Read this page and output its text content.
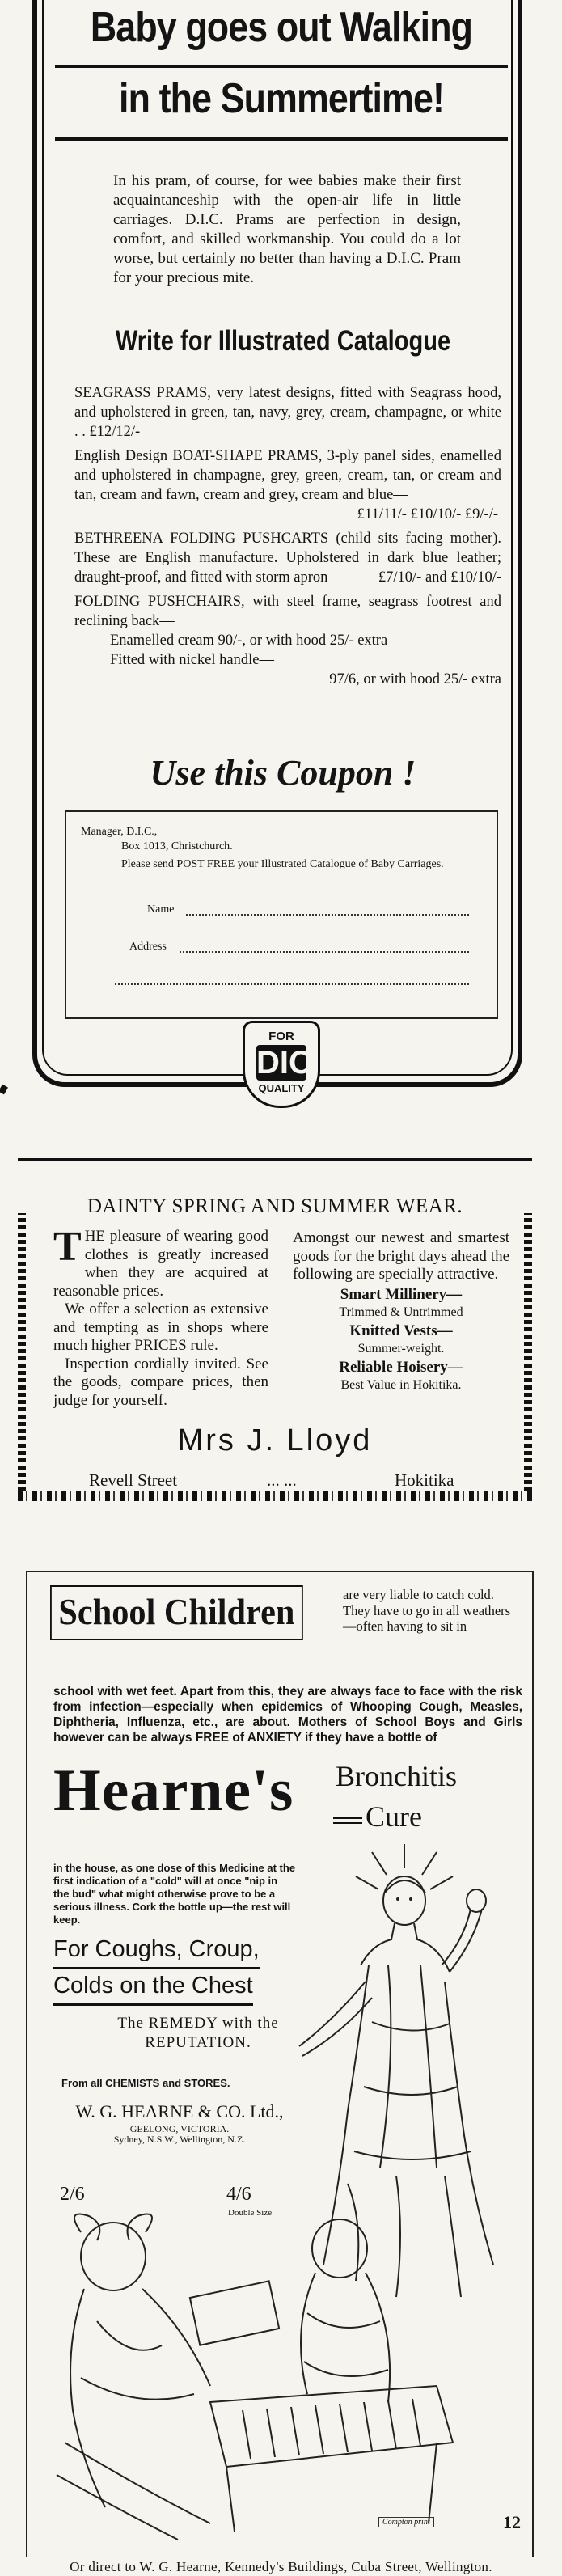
Baby goes out Walking
in the Summertime!
In his pram, of course, for wee babies make their first acquaintanceship with the open-air life in little carriages. D.I.C. Prams are perfection in design, comfort, and skilled workmanship. You could do a lot worse, but certainly no better than having a D.I.C. Pram for your precious mite.
Write for Illustrated Catalogue
SEAGRASS PRAMS, very latest designs, fitted with Seagrass hood, and upholstered in green, tan, navy, grey, cream, champagne, or white . . £12/12/-
English Design BOAT-SHAPE PRAMS, 3-ply panel sides, enamelled and upholstered in champagne, grey, green, cream, tan, or cream and tan, cream and fawn, cream and grey, cream and blue—
£11/11/- £10/10/- £9/-/-
BETHREENA FOLDING PUSHCARTS (child sits facing mother). These are English manufacture. Upholstered in dark blue leather; draught-proof, and fitted with storm apron	£7/10/- and £10/10/-
FOLDING PUSHCHAIRS, with steel frame, seagrass footrest and reclining back—
Enamelled cream 90/-, or with hood 25/- extra
Fitted with nickel handle—
97/6, or with hood 25/- extra
Use this Coupon !
Manager, D.I.C.,
Box 1013, Christchurch.
Please send POST FREE your Illustrated Catalogue of Baby Carriages.
Name
Address
FOR
DIC
QUALITY
DAINTY SPRING AND SUMMER WEAR.
T HE pleasure of wearing good clothes is greatly increased when they are acquired at reasonable prices.
We offer a selection as extensive and tempting as in shops where much higher PRICES rule.
Inspection cordially invited. See the goods, compare prices, then judge for yourself.
Amongst our newest and smartest goods for the bright days ahead the following are specially attractive.
Smart Millinery—
Trimmed & Untrimmed
Knitted Vests—
Summer-weight.
Reliable Hoisery—
Best Value in Hokitika.
Mrs J. Lloyd
Revell Street	... ...	Hokitika
School Children	are very liable to catch cold. They have to go in all weathers—often having to sit in
school with wet feet. Apart from this, they are always face to face with the risk from infection—especially when epidemics of Whooping Cough, Measles, Diphtheria, Influenza, etc., are about. Mothers of School Boys and Girls however can be always FREE of ANXIETY if they have a bottle of
Hearne's Bronchitis
Cure
in the house, as one dose of this Medicine at the first indication of a "cold" will at once "nip in the bud" what might otherwise prove to be a serious illness. Cork the bottle up—the rest will keep.
For Coughs, Croup,
Colds on the Chest
The REMEDY with the
REPUTATION.
From all CHEMISTS and STORES.
W. G. HEARNE & CO. Ltd.,
GEELONG, VICTORIA.
Sydney, N.S.W., Wellington, N.Z.
2/6	4/6
Double Size
Compton print	12
Or direct to W. G. Hearne, Kennedy's Buildings, Cuba Street, Wellington.
